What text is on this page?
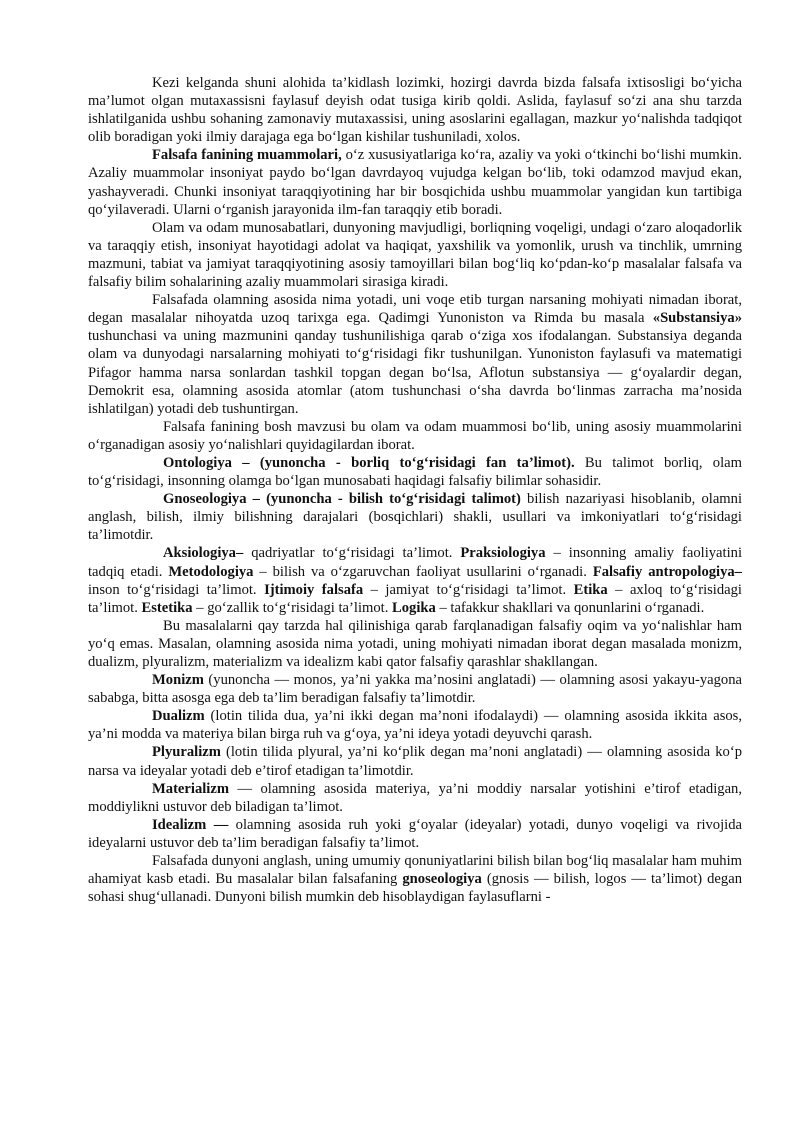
Kezi kelganda shuni alohida ta’kidlash lozimki, hozirgi davrda bizda falsafa ixtisosligi bo‘yicha ma’lumot olgan mutaxassisni faylasuf deyish odat tusiga kirib qoldi. Aslida, faylasuf so‘zi ana shu tarzda ishlatilganida ushbu sohaning zamonaviy mutaxassisi, uning asoslarini egallagan, mazkur yo‘nalishda tadqiqot olib boradigan yoki ilmiy darajaga ega bo‘lgan kishilar tushuniladi, xolos.

Falsafa fanining muammolari, o‘z xususiyatlariga ko‘ra, azaliy va yoki o‘tkinchi bo‘lishi mumkin. Azaliy muammolar insoniyat paydo bo‘lgan davrdayoq vujudga kelgan bo‘lib, toki odamzod mavjud ekan, yashayveradi. Chunki insoniyat taraqqiyotining har bir bosqichida ushbu muammolar yangidan kun tartibiga qo‘yilaveradi. Ularni o‘rganish jarayonida ilm-fan taraqqiy etib boradi.

Olam va odam munosabatlari, dunyoning mavjudligi, borliqning voqeligi, undagi o‘zaro aloqadorlik va taraqqiy etish, insoniyat hayotidagi adolat va haqiqat, yaxshilik va yomonlik, urush va tinchlik, umrning mazmuni, tabiat va jamiyat taraqqiyotining asosiy tamoyillari bilan bog‘liq ko‘pdan-ko‘p masalalar falsafa va falsafiy bilim sohalarining azaliy muammolari sirasiga kiradi.

Falsafada olamning asosida nima yotadi, uni voqe etib turgan narsaning mohiyati nimadan iborat, degan masalalar nihoyatda uzoq tarixga ega. Qadimgi Yunoniston va Rimda bu masala «Substansiya» tushunchasi va uning mazmunini qanday tushunilishiga qarab o‘ziga xos ifodalangan. Substansiya deganda olam va dunyodagi narsalarning mohiyati to‘g‘risidagi fikr tushunilgan. Yunoniston faylasufi va matematigi Pifagor hamma narsa sonlardan tashkil topgan degan bo‘lsa, Aflotun substansiya — g‘oyalardir degan, Demokrit esa, olamning asosida atomlar (atom tushunchasi o‘sha davrda bo‘linmas zarracha ma’nosida ishlatilgan) yotadi deb tushuntirgan.

Falsafa fanining bosh mavzusi bu olam va odam muammosi bo‘lib, uning asosiy muammolarini o‘rganadigan asosiy yo‘nalishlari quyidagilardan iborat.

Ontologiya – (yunoncha - borliq to‘g‘risidagi fan ta’limot). Bu talimot borliq, olam to‘g‘risidagi, insonning olamga bo‘lgan munosabati haqidagi falsafiy bilimlar sohasidir.

Gnoseologiya – (yunoncha - bilish to‘g‘risidagi talimot) bilish nazariyasi hisoblanib, olamni anglash, bilish, ilmiy bilishning darajalari (bosqichlari) shakli, usullari va imkoniyatlari to‘g‘risidagi ta’limotdir.

Aksiologiya– qadriyatlar to‘g‘risidagi ta’limot. Praksiologiya – insonning amaliy faoliyatini tadqiq etadi. Metodologiya – bilish va o‘zgaruvchan faoliyat usullarini o‘rganadi. Falsafiy antropologiya– inson to‘g‘risidagi ta’limot. Ijtimoiy falsafa – jamiyat to‘g‘risidagi ta’limot. Etika – axloq to‘g‘risidagi ta’limot. Estetika – go‘zallik to‘g‘risidagi ta’limot. Logika – tafakkur shakllari va qonunlarini o‘rganadi.

Bu masalalarni qay tarzda hal qilinishiga qarab farqlanadigan falsafiy oqim va yo‘nalishlar ham yo‘q emas. Masalan, olamning asosida nima yotadi, uning mohiyati nimadan iborat degan masalada monizm, dualizm, plyuralizm, materializm va idealizm kabi qator falsafiy qarashlar shakllangan.

Monizm (yunoncha — monos, ya’ni yakka ma’nosini anglatadi) — olamning asosi yakayu-yagona sababga, bitta asosga ega deb ta’lim beradigan falsafiy ta’limotdir.

Dualizm (lotin tilida dua, ya’ni ikki degan ma’noni ifodalaydi) — olamning asosida ikkita asos, ya’ni modda va materiya bilan birga ruh va g‘oya, ya’ni ideya yotadi deyuvchi qarash.

Plyuralizm (lotin tilida plyural, ya’ni ko‘plik degan ma’noni anglatadi) — olamning asosida ko‘p narsa va ideyalar yotadi deb e’tirof etadigan ta’limotdir.

Materializm — olamning asosida materiya, ya’ni moddiy narsalar yotishini e’tirof etadigan, moddiylikni ustuvor deb biladigan ta’limot.

Idealizm — olamning asosida ruh yoki g‘oyalar (ideyalar) yotadi, dunyo voqeligi va rivojida ideyalarni ustuvor deb ta’lim beradigan falsafiy ta’limot.

Falsafada dunyoni anglash, uning umumiy qonuniyatlarini bilish bilan bog‘liq masalalar ham muhim ahamiyat kasb etadi. Bu masalalar bilan falsafaning gnoseologiya (gnosis — bilish, logos — ta’limot) degan sohasi shug‘ullanadi. Dunyoni bilish mumkin deb hisoblaydigan faylasuflarni -
